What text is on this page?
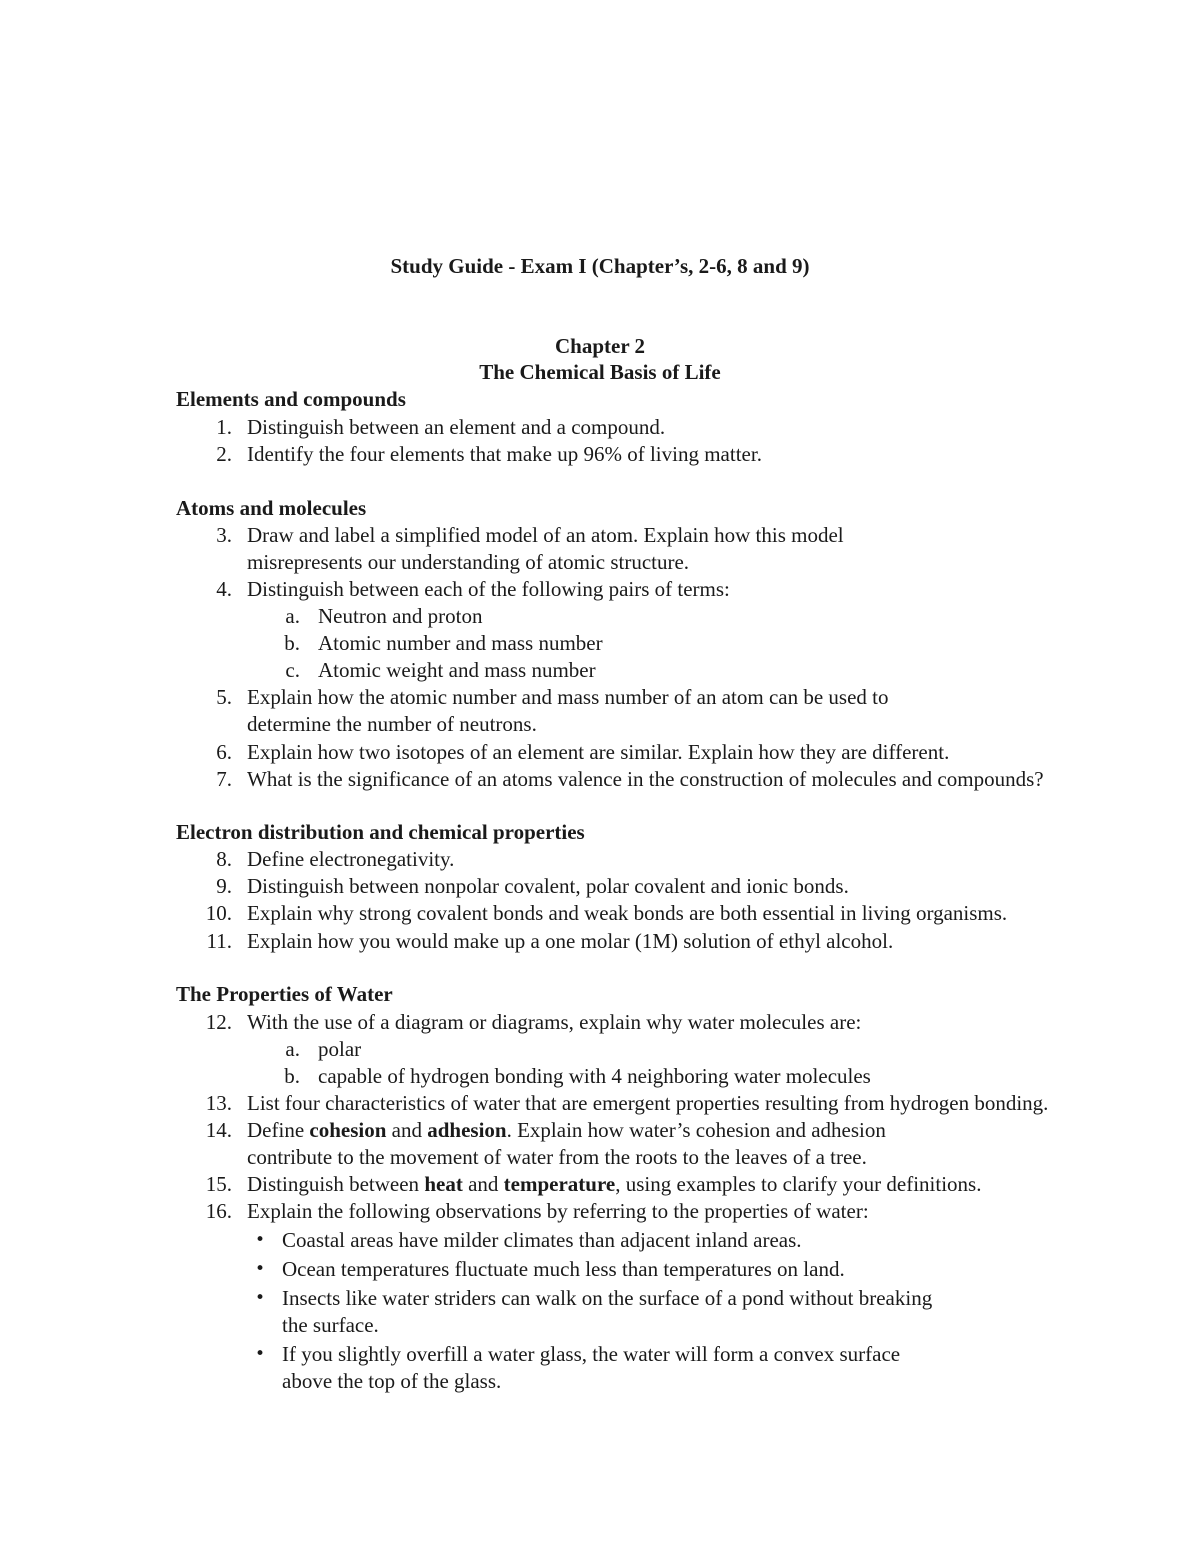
Study Guide - Exam I (Chapter’s, 2-6, 8 and 9)
Chapter 2
The Chemical Basis of Life
Elements and compounds
1. Distinguish between an element and a compound.
2. Identify the four elements that make up 96% of living matter.
Atoms and molecules
3. Draw and label a simplified model of an atom. Explain how this model
misrepresents our understanding of atomic structure.
4. Distinguish between each of the following pairs of terms:
a. Neutron and proton
b. Atomic number and mass number
c. Atomic weight and mass number
5. Explain how the atomic number and mass number of an atom can be used to
determine the number of neutrons.
6. Explain how two isotopes of an element are similar. Explain how they are different.
7. What is the significance of an atoms valence in the construction of molecules and compounds?
Electron distribution and chemical properties
8. Define electronegativity.
9. Distinguish between nonpolar covalent, polar covalent and ionic bonds.
10. Explain why strong covalent bonds and weak bonds are both essential in living organisms.
11. Explain how you would make up a one molar (1M) solution of ethyl alcohol.
The Properties of Water
12. With the use of a diagram or diagrams, explain why water molecules are:
a. polar
b. capable of hydrogen bonding with 4 neighboring water molecules
13. List four characteristics of water that are emergent properties resulting from hydrogen bonding.
14. Define cohesion and adhesion. Explain how water’s cohesion and adhesion
contribute to the movement of water from the roots to the leaves of a tree.
15. Distinguish between heat and temperature, using examples to clarify your definitions.
16. Explain the following observations by referring to the properties of water:
• Coastal areas have milder climates than adjacent inland areas.
• Ocean temperatures fluctuate much less than temperatures on land.
• Insects like water striders can walk on the surface of a pond without breaking
the surface.
• If you slightly overfill a water glass, the water will form a convex surface
above the top of the glass.
